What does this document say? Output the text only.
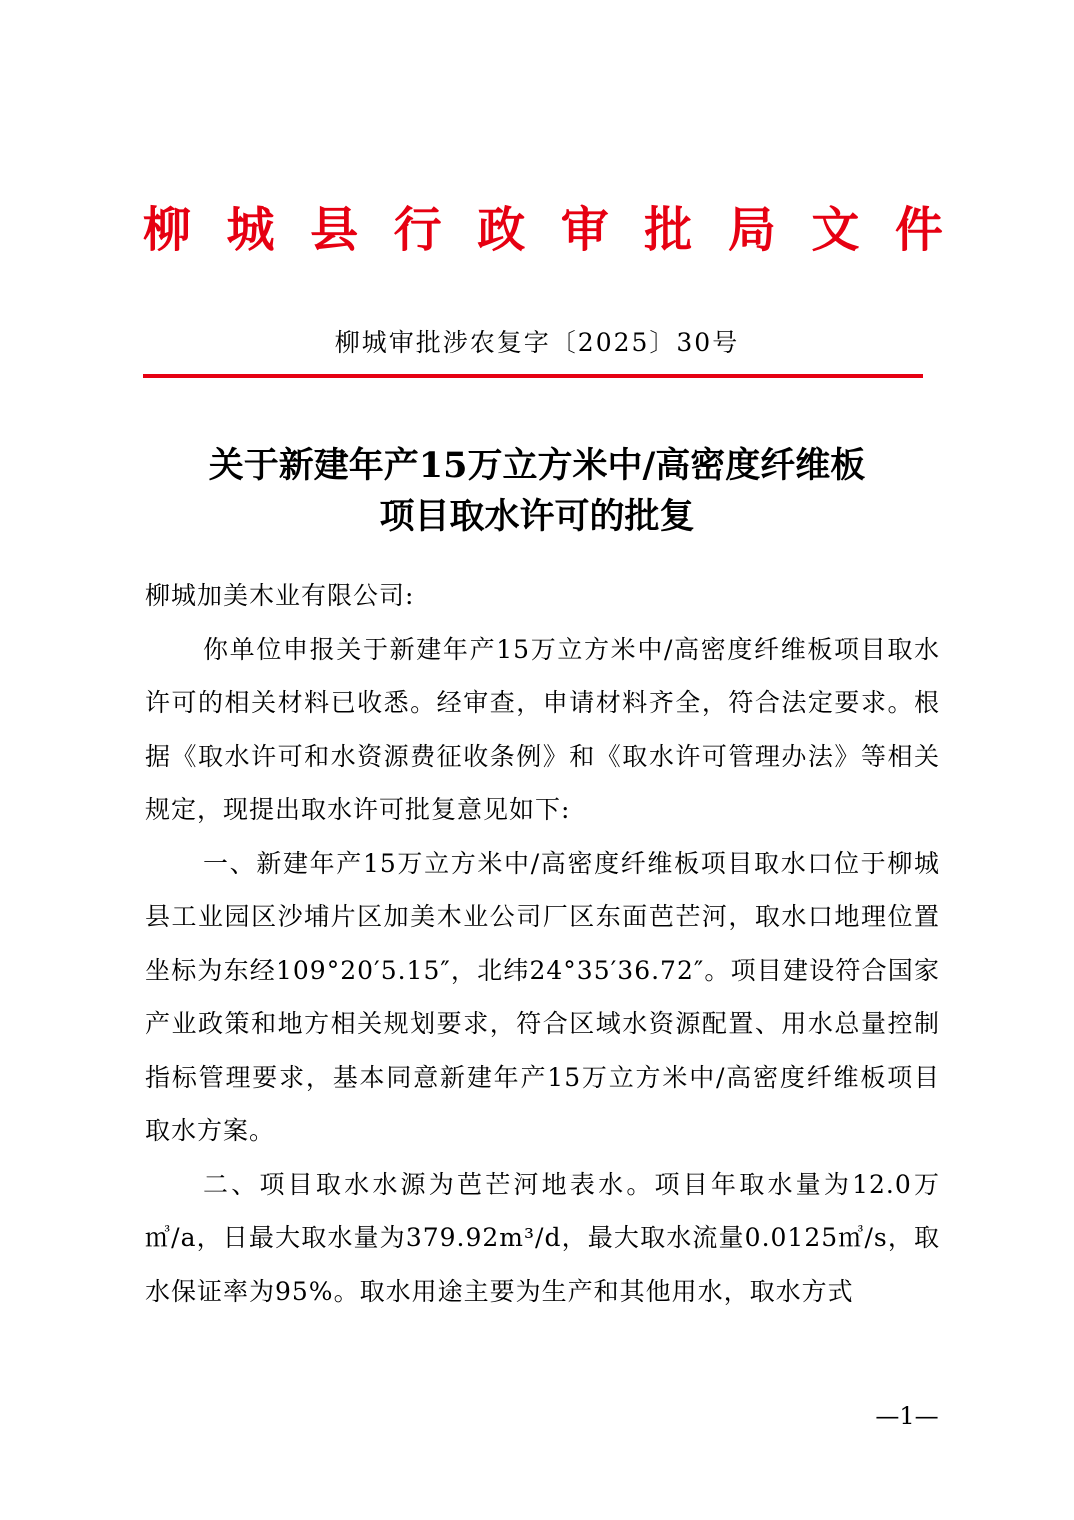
柳 城 县 行 政 审 批 局 文 件
柳城审批涉农复字〔2025〕30号
关于新建年产15万立方米中/高密度纤维板
项目取水许可的批复

柳城加美木业有限公司:

你单位申报关于新建年产15万立方米中/高密度纤维板项目取水许可的相关材料已收悉。经审查，申请材料齐全，符合法定要求。根据《取水许可和水资源费征收条例》和《取水许可管理办法》等相关规定，现提出取水许可批复意见如下:

一、新建年产15万立方米中/高密度纤维板项目取水口位于柳城县工业园区沙埔片区加美木业公司厂区东面芭芒河，取水口地理位置坐标为东经109°20′5.15″，北纬24°35′36.72″。项目建设符合国家产业政策和地方相关规划要求，符合区域水资源配置、用水总量控制指标管理要求，基本同意新建年产15万立方米中/高密度纤维板项目取水方案。

二、项目取水水源为芭芒河地表水。项目年取水量为12.0万㎥/a，日最大取水量为379.92m³/d，最大取水流量0.0125㎥/s，取水保证率为95%。取水用途主要为生产和其他用水，取水方式

—1—
